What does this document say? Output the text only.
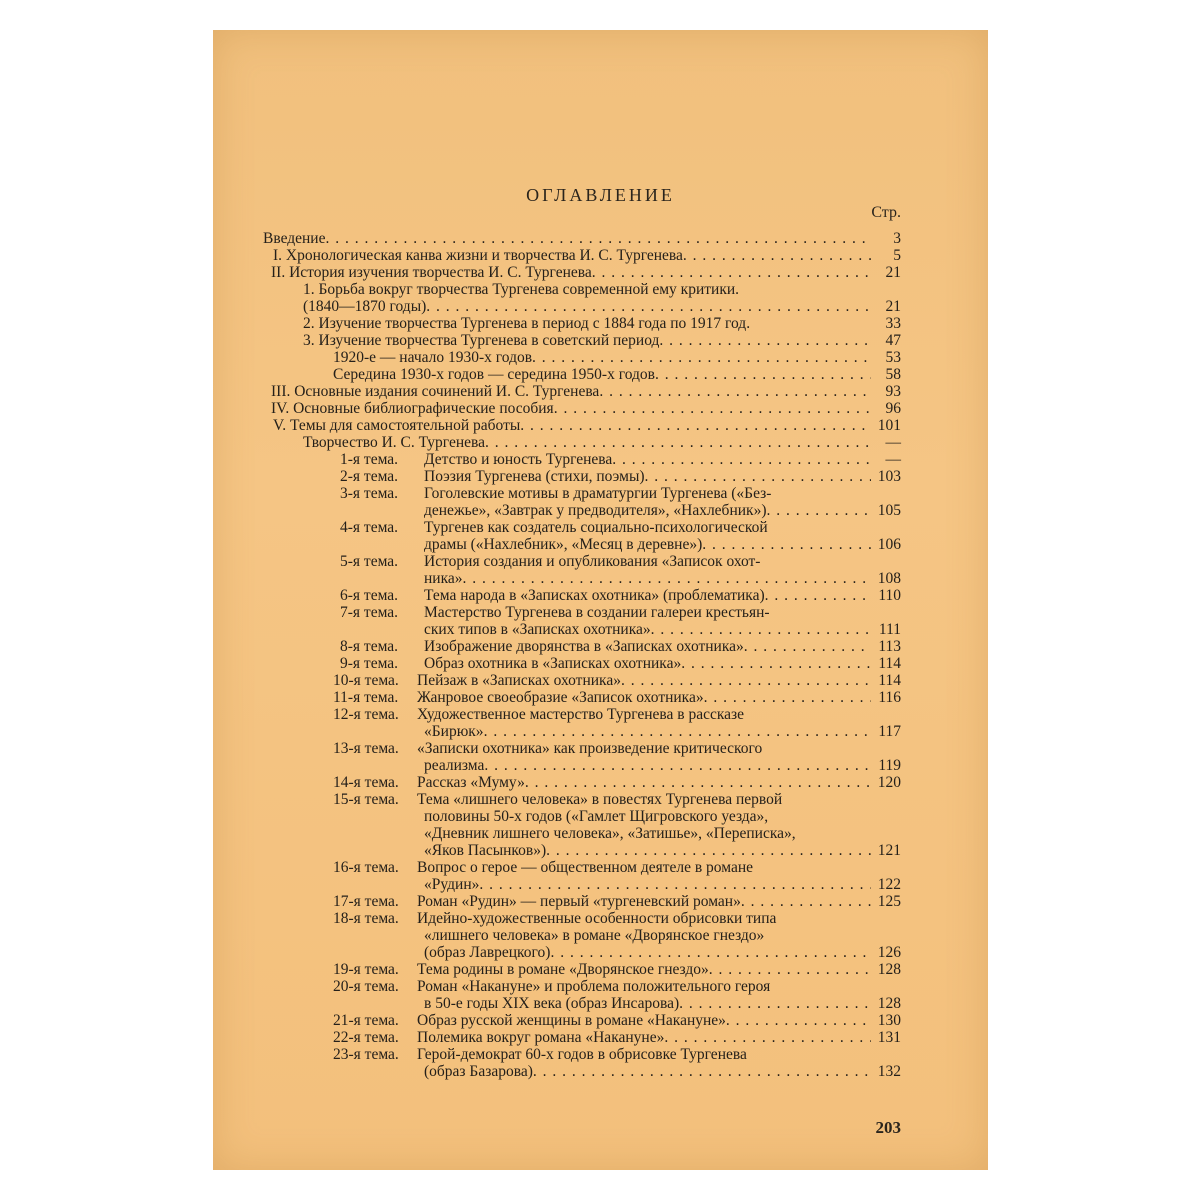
ОГЛАВЛЕНИЕ
Стр.
Введение . . .	3
I. Хронологическая канва жизни и творчества И. С. Тургенева . . .	5
II. История изучения творчества И. С. Тургенева . . .	21
1. Борьба вокруг творчества Тургенева современной ему критики.
(1840—1870 годы) . . .	21
2. Изучение творчества Тургенева в период с 1884 года по 1917 год.	33
3. Изучение творчества Тургенева в советский период . . .	47
1920-е — начало 1930-х годов . . .	53
Середина 1930-х годов — середина 1950-х годов . . .	58
III. Основные издания сочинений И. С. Тургенева . . .	93
IV. Основные библиографические пособия . . .	96
V. Темы для самостоятельной работы . . .	101
Творчество И. С. Тургенева . . .	—
1-я тема.	Детство и юность Тургенева . . .	—
2-я тема.	Поэзия Тургенева (стихи, поэмы) . . .	103
3-я тема.	Гоголевские мотивы в драматургии Тургенева («Без-
денежье», «Завтрак у предводителя», «Нахлебник») . . .	105
4-я тема.	Тургенев как создатель социально-психологической
драмы («Нахлебник», «Месяц в деревне») . . .	106
5-я тема.	История создания и опубликования «Записок охот-
ника» . . .	108
6-я тема.	Тема народа в «Записках охотника» (проблематика) . . .	110
7-я тема.	Мастерство Тургенева в создании галереи крестьян-
ских типов в «Записках охотника» . . .	111
8-я тема.	Изображение дворянства в «Записках охотника» . . .	113
9-я тема.	Образ охотника в «Записках охотника» . . .	114
10-я тема.	Пейзаж в «Записках охотника» . . .	114
11-я тема.	Жанровое своеобразие «Записок охотника» . . .	116
12-я тема.	Художественное мастерство Тургенева в рассказе
«Бирюк» . . .	117
13-я тема.	«Записки охотника» как произведение критического
реализма . . .	119
14-я тема.	Рассказ «Муму» . . .	120
15-я тема.	Тема «лишнего человека» в повестях Тургенева первой
половины 50-х годов («Гамлет Щигровского уезда»,
«Дневник лишнего человека», «Затишье», «Переписка»,
«Яков Пасынков») . . .	121
16-я тема.	Вопрос о герое — общественном деятеле в романе
«Рудин» . . .	122
17-я тема.	Роман «Рудин» — первый «тургеневский роман» . . .	125
18-я тема.	Идейно-художественные особенности обрисовки типа
«лишнего человека» в романе «Дворянское гнездо»
(образ Лаврецкого) . . .	126
19-я тема.	Тема родины в романе «Дворянское гнездо» . . .	128
20-я тема.	Роман «Накануне» и проблема положительного героя
в 50-е годы XIX века (образ Инсарова) . . .	128
21-я тема.	Образ русской женщины в романе «Накануне» . . .	130
22-я тема.	Полемика вокруг романа «Накануне» . . .	131
23-я тема.	Герой-демократ 60-х годов в обрисовке Тургенева
(образ Базарова) . . .	132
203
